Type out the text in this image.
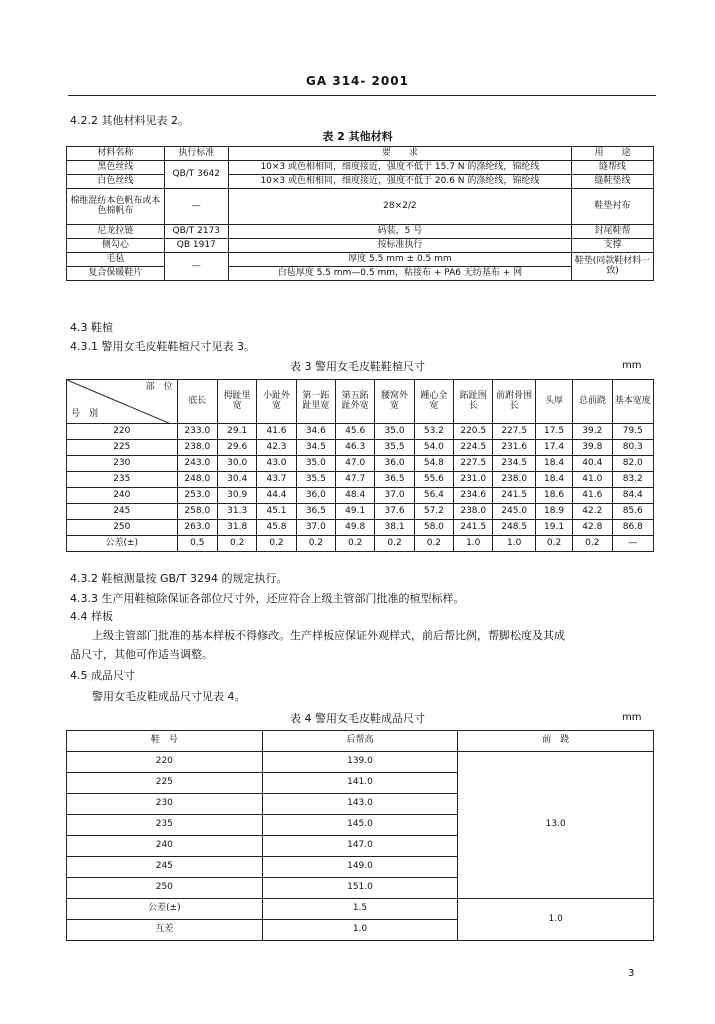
GA 314- 2001
4.2.2 其他材料见表 2。
表 2 其他材料
材料名称	执行标准	要　　求	用　　途
黑色丝线	QB/T 3642	10×3 或色相相同，细度接近，强度不低于 15.7 N 的涤纶线，锦纶线	缝帮线
白色丝线		10×3 或色相相同，细度接近，强度不低于 20.6 N 的涤纶线，锦纶线	缝鞋垫线
棉维混纺本色帆布或本色棉帆布	—	28×2/2	鞋垫衬布
尼龙拉链	QB/T 2173	码装，5 号	封尾鞋帮
侧勾心	QB 1917	按标准执行	支撑
毛毡	—	厚度 5.5 mm ± 0.5 mm	鞋垫(同款鞋材料一致)
复合保暖鞋片		白毡厚度 5.5 mm—0.5 mm，粘接布 + PA6 无纺基布 + 网	
4.3 鞋楦
4.3.1 警用女毛皮鞋鞋楦尺寸见表 3。
表 3 警用女毛皮鞋鞋楦尺寸	mm
部　位
号　别	底长	拇趾里宽	小趾外宽	第一跖趾里宽	第五跖趾外宽	腰窝外宽	踵心全宽	跖趾围长	前跗骨围长	头厚	总前跷	基本宽度
220	233.0	29.1	41.6	34.6	45.6	35.0	53.2	220.5	227.5	17.5	39.2	79.5
225	238.0	29.6	42.3	34.5	46.3	35.5	54.0	224.5	231.6	17.4	39.8	80.3
230	243.0	30.0	43.0	35.0	47.0	36.0	54.8	227.5	234.5	18.4	40.4	82.0
235	248.0	30.4	43.7	35.5	47.7	36.5	55.6	231.0	238.0	18.4	41.0	83.2
240	253.0	30.9	44.4	36.0	48.4	37.0	56.4	234.6	241.5	18.6	41.6	84.4
245	258.0	31.3	45.1	36.5	49.1	37.6	57.2	238.0	245.0	18.9	42.2	85.6
250	263.0	31.8	45.8	37.0	49.8	38.1	58.0	241.5	248.5	19.1	42.8	86.8
公差(±)	0.5	0.2	0.2	0.2	0.2	0.2	0.2	1.0	1.0	0.2	0.2	—
4.3.2 鞋楦测量按 GB/T 3294 的规定执行。
4.3.3 生产用鞋楦除保证各部位尺寸外，还应符合上级主管部门批准的楦型标样。
4.4 样板
上级主管部门批准的基本样板不得修改。生产样板应保证外观样式，前后帮比例，帮脚松度及其成
品尺寸，其他可作适当调整。
4.5 成品尺寸
警用女毛皮鞋成品尺寸见表 4。
表 4 警用女毛皮鞋成品尺寸	mm
鞋　号	后帮高	前　跷
220	139.0	13.0
225	141.0	
230	143.0	
235	145.0	
240	147.0	
245	149.0	
250	151.0	
公差(±)	1.5	1.0
互差	1.0	
3
